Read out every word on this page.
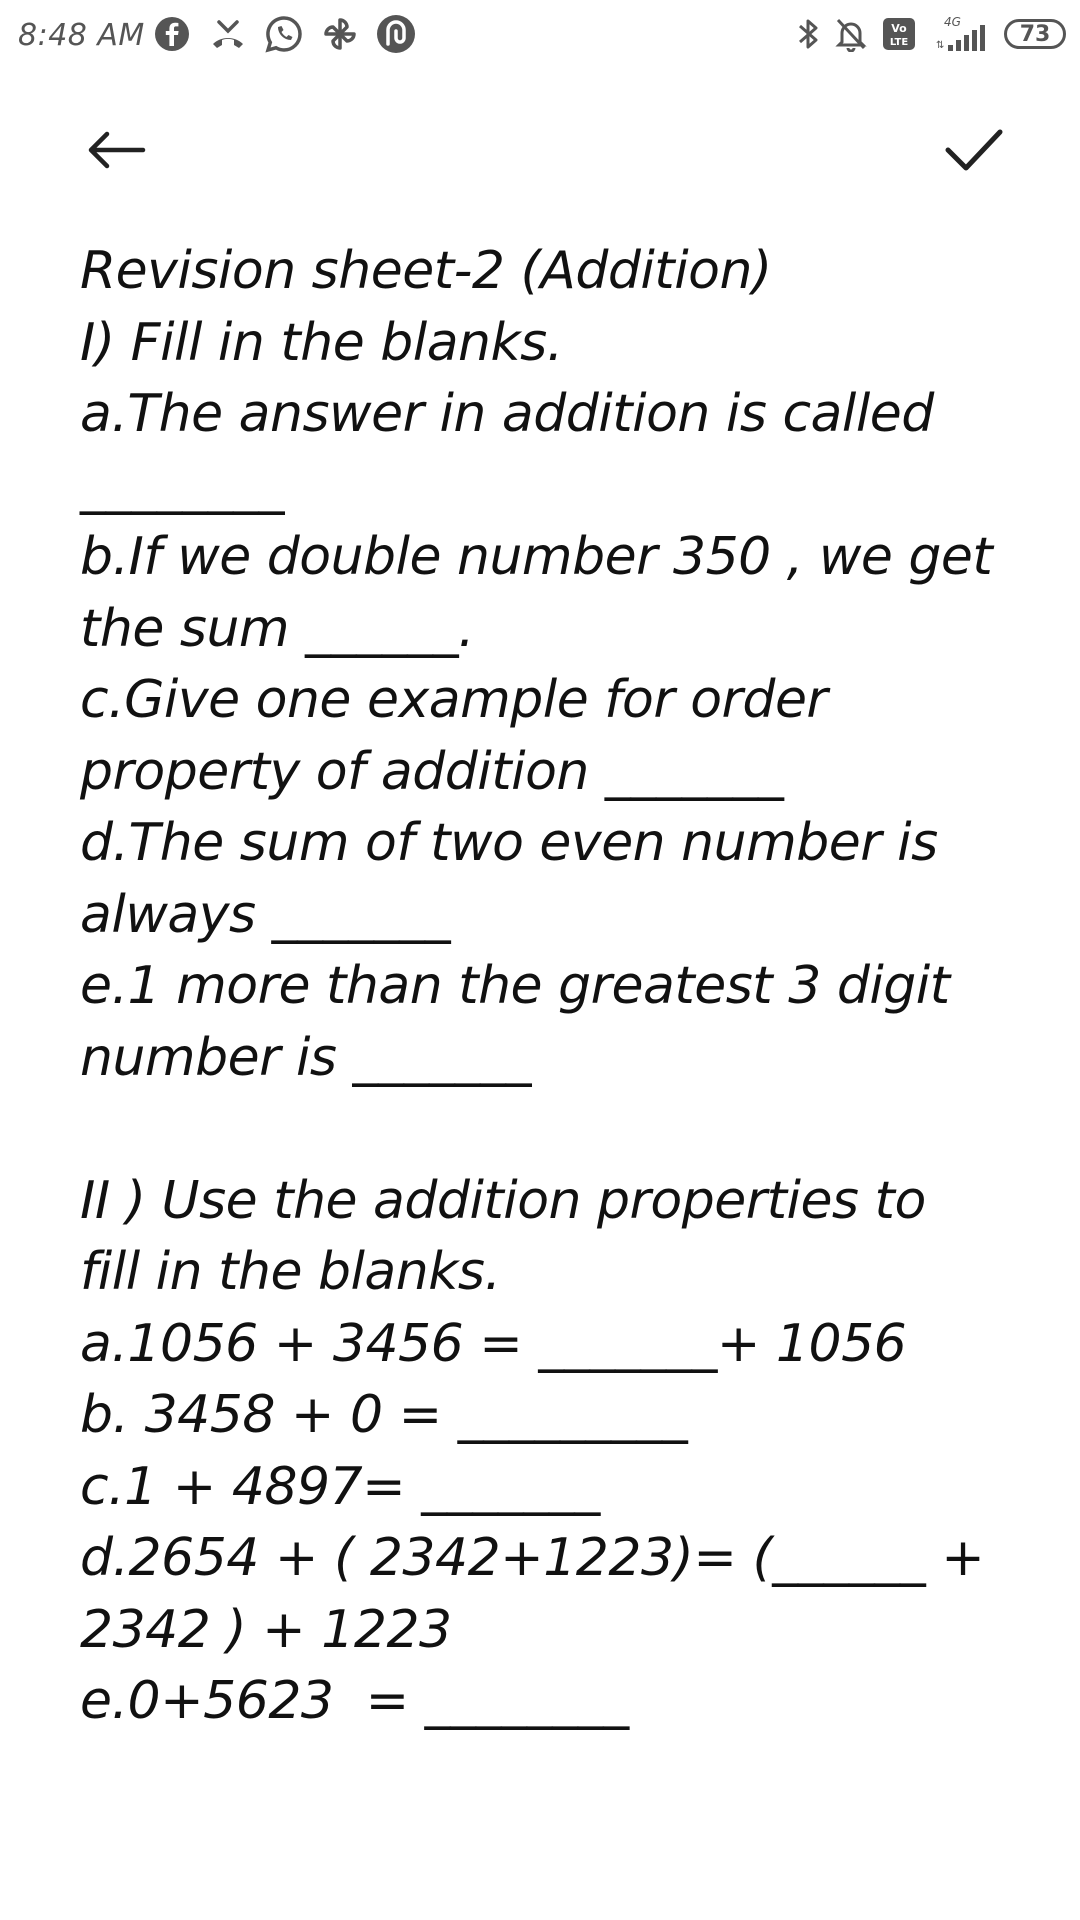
8:48 AM	Vo
LTE
4G
⇅	73
Revision sheet-2 (Addition)
I) Fill in the blanks.
a.The answer in addition is called
________
b.If we double number 350 , we get
the sum ______.
c.Give one example for order
property of addition _______
d.The sum of two even number is
always _______
e.1 more than the greatest 3 digit
number is _______
II ) Use the addition properties to
fill in the blanks.
a.1056 + 3456 = _______+ 1056
b. 3458 + 0 = _________
c.1 + 4897= _______
d.2654 + ( 2342+1223)= (______ +
2342 ) + 1223
e.0+5623  = ________
